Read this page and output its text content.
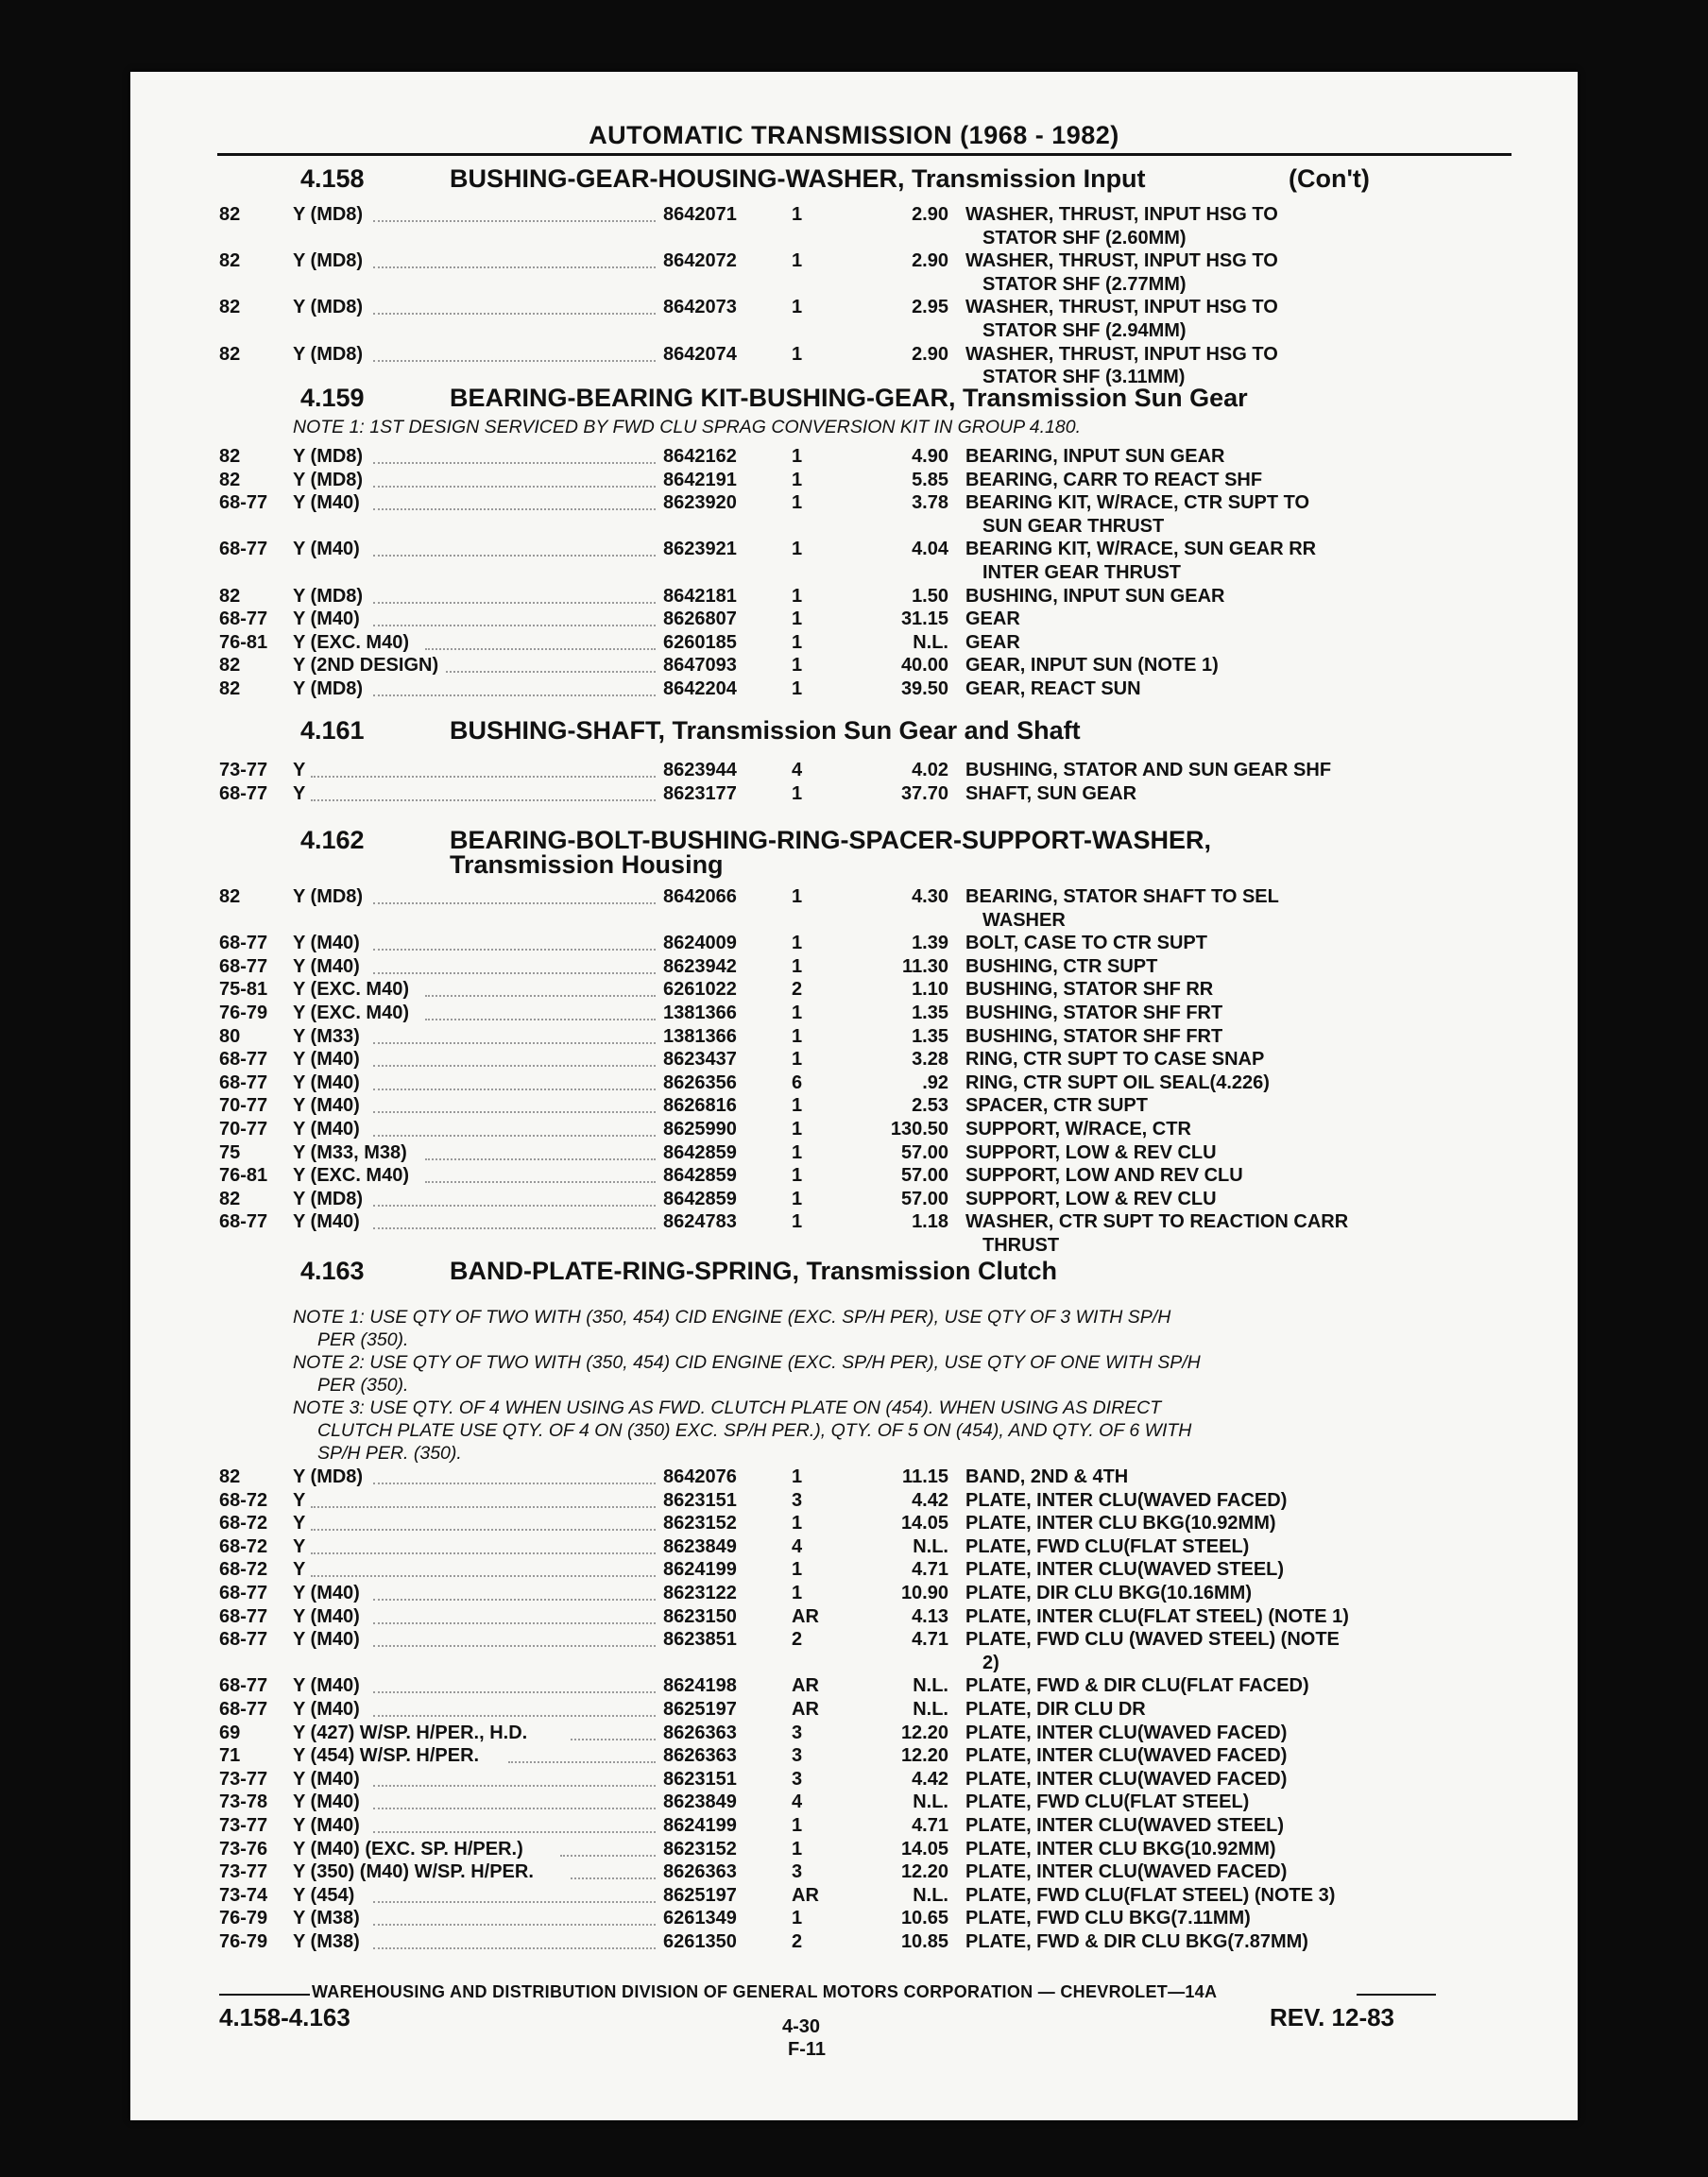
AUTOMATIC TRANSMISSION (1968 - 1982)
4.158	BUSHING-GEAR-HOUSING-WASHER, Transmission Input	(Con't)
82	Y (MD8)	8642071	1	2.90 WASHER, THRUST, INPUT HSG TO
STATOR SHF (2.60MM)
82	Y (MD8)	8642072	1	2.90 WASHER, THRUST, INPUT HSG TO
STATOR SHF (2.77MM)
82	Y (MD8)	8642073	1	2.95 WASHER, THRUST, INPUT HSG TO
STATOR SHF (2.94MM)
82	Y (MD8)	8642074	1	2.90 WASHER, THRUST, INPUT HSG TO
STATOR SHF (3.11MM)
4.159	BEARING-BEARING KIT-BUSHING-GEAR, Transmission Sun Gear
NOTE 1: 1ST DESIGN SERVICED BY FWD CLU SPRAG CONVERSION KIT IN GROUP 4.180.
82	Y (MD8)	8642162	1	4.90 BEARING, INPUT SUN GEAR
82	Y (MD8)	8642191	1	5.85 BEARING, CARR TO REACT SHF
68-77 Y (M40)	8623920	1	3.78 BEARING KIT, W/RACE, CTR SUPT TO
SUN GEAR THRUST
68-77 Y (M40)	8623921	1	4.04 BEARING KIT, W/RACE, SUN GEAR RR
INTER GEAR THRUST
82	Y (MD8)	8642181	1	1.50 BUSHING, INPUT SUN GEAR
68-77 Y (M40)	8626807	1	31.15 GEAR
76-81 Y (EXC. M40)	6260185	1	N.L. GEAR
82	Y (2ND DESIGN)	8647093	1	40.00 GEAR, INPUT SUN (NOTE 1)
82	Y (MD8)	8642204	1	39.50 GEAR, REACT SUN
4.161	BUSHING-SHAFT, Transmission Sun Gear and Shaft
73-77 Y	8623944	4	4.02 BUSHING, STATOR AND SUN GEAR SHF
68-77 Y	8623177	1	37.70 SHAFT, SUN GEAR
4.162	BEARING-BOLT-BUSHING-RING-SPACER-SUPPORT-WASHER,
Transmission Housing
82	Y (MD8)	8642066	1	4.30 BEARING, STATOR SHAFT TO SEL
WASHER
68-77 Y (M40)	8624009	1	1.39 BOLT, CASE TO CTR SUPT
68-77 Y (M40)	8623942	1	11.30 BUSHING, CTR SUPT
75-81 Y (EXC. M40)	6261022	2	1.10 BUSHING, STATOR SHF RR
76-79 Y (EXC. M40)	1381366	1	1.35 BUSHING, STATOR SHF FRT
80	Y (M33)	1381366	1	1.35 BUSHING, STATOR SHF FRT
68-77 Y (M40)	8623437	1	3.28 RING, CTR SUPT TO CASE SNAP
68-77 Y (M40)	8626356	6	.92 RING, CTR SUPT OIL SEAL(4.226)
70-77 Y (M40)	8626816	1	2.53 SPACER, CTR SUPT
70-77 Y (M40)	8625990	1	130.50 SUPPORT, W/RACE, CTR
75	Y (M33, M38)	8642859	1	57.00 SUPPORT, LOW & REV CLU
76-81 Y (EXC. M40)	8642859	1	57.00 SUPPORT, LOW AND REV CLU
82	Y (MD8)	8642859	1	57.00 SUPPORT, LOW & REV CLU
68-77 Y (M40)	8624783	1	1.18 WASHER, CTR SUPT TO REACTION CARR
THRUST
4.163	BAND-PLATE-RING-SPRING, Transmission Clutch
NOTE 1: USE QTY OF TWO WITH (350, 454) CID ENGINE (EXC. SP/H PER), USE QTY OF 3 WITH SP/H
PER (350).
NOTE 2: USE QTY OF TWO WITH (350, 454) CID ENGINE (EXC. SP/H PER), USE QTY OF ONE WITH SP/H
PER (350).
NOTE 3: USE QTY. OF 4 WHEN USING AS FWD. CLUTCH PLATE ON (454). WHEN USING AS DIRECT
CLUTCH PLATE USE QTY. OF 4 ON (350) EXC. SP/H PER.), QTY. OF 5 ON (454), AND QTY. OF 6 WITH
SP/H PER. (350).
82	Y (MD8)	8642076	1	11.15 BAND, 2ND & 4TH
68-72 Y	8623151	3	4.42 PLATE, INTER CLU(WAVED FACED)
68-72 Y	8623152	1	14.05 PLATE, INTER CLU BKG(10.92MM)
68-72 Y	8623849	4	N.L. PLATE, FWD CLU(FLAT STEEL)
68-72 Y	8624199	1	4.71 PLATE, INTER CLU(WAVED STEEL)
68-77 Y (M40)	8623122	1	10.90 PLATE, DIR CLU BKG(10.16MM)
68-77 Y (M40)	8623150	AR	4.13 PLATE, INTER CLU(FLAT STEEL) (NOTE 1)
68-77 Y (M40)	8623851	2	4.71 PLATE, FWD CLU (WAVED STEEL) (NOTE
2)
68-77 Y (M40)	8624198	AR	N.L. PLATE, FWD & DIR CLU(FLAT FACED)
68-77 Y (M40)	8625197	AR	N.L. PLATE, DIR CLU DR
69	Y (427) W/SP. H/PER., H.D.	8626363	3	12.20 PLATE, INTER CLU(WAVED FACED)
71	Y (454) W/SP. H/PER.	8626363	3	12.20 PLATE, INTER CLU(WAVED FACED)
73-77 Y (M40)	8623151	3	4.42 PLATE, INTER CLU(WAVED FACED)
73-78 Y (M40)	8623849	4	N.L. PLATE, FWD CLU(FLAT STEEL)
73-77 Y (M40)	8624199	1	4.71 PLATE, INTER CLU(WAVED STEEL)
73-76 Y (M40) (EXC. SP. H/PER.)	8623152	1	14.05 PLATE, INTER CLU BKG(10.92MM)
73-77 Y (350) (M40) W/SP. H/PER.	8626363	3	12.20 PLATE, INTER CLU(WAVED FACED)
73-74 Y (454)	8625197	AR	N.L. PLATE, FWD CLU(FLAT STEEL) (NOTE 3)
76-79 Y (M38)	6261349	1	10.65 PLATE, FWD CLU BKG(7.11MM)
76-79 Y (M38)	6261350	2	10.85 PLATE, FWD & DIR CLU BKG(7.87MM)
WAREHOUSING AND DISTRIBUTION DIVISION OF GENERAL MOTORS CORPORATION — CHEVROLET—14A
4.158-4.163	4-30
F-11
REV. 12-83
